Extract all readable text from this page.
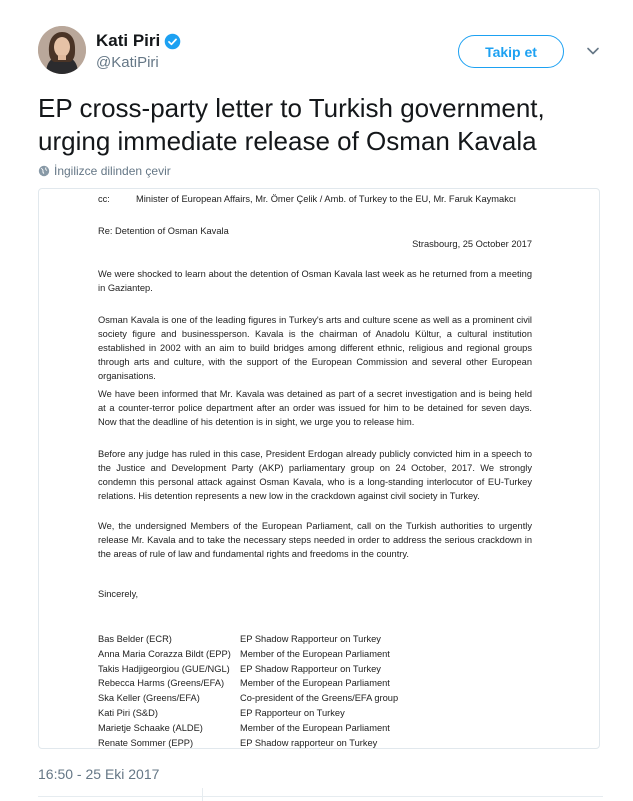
Kati Piri
@KatiPiri
Takip et
EP cross-party letter to Turkish government, urging immediate release of Osman Kavala
İngilizce dilinden çevir
cc:	Minister of European Affairs, Mr. Ömer Çelik / Amb. of Turkey to the EU, Mr. Faruk Kaymakcı
Re: Detention of Osman Kavala
Strasbourg, 25 October 2017
We were shocked to learn about the detention of Osman Kavala last week as he returned from a meeting in Gaziantep.
Osman Kavala is one of the leading figures in Turkey's arts and culture scene as well as a prominent civil society figure and businessperson. Kavala is the chairman of Anadolu Kültur, a cultural institution established in 2002 with an aim to build bridges among different ethnic, religious and regional groups through arts and culture, with the support of the European Commission and several other European organisations.
We have been informed that Mr. Kavala was detained as part of a secret investigation and is being held at a counter-terror police department after an order was issued for him to be detained for seven days. Now that the deadline of his detention is in sight, we urge you to release him.
Before any judge has ruled in this case, President Erdogan already publicly convicted him in a speech to the Justice and Development Party (AKP) parliamentary group on 24 October, 2017. We strongly condemn this personal attack against Osman Kavala, who is a long-standing interlocutor of EU-Turkey relations. His detention represents a new low in the crackdown against civil society in Turkey.
We, the undersigned Members of the European Parliament, call on the Turkish authorities to urgently release Mr. Kavala and to take the necessary steps needed in order to address the serious crackdown in the areas of rule of law and fundamental rights and freedoms in the country.
Sincerely,
Bas Belder (ECR)	EP Shadow Rapporteur on Turkey
Anna Maria Corazza Bildt (EPP) Member of the European Parliament
Takis Hadjigeorgiou (GUE/NGL)	EP Shadow Rapporteur on Turkey
Rebecca Harms (Greens/EFA)	Member of the European Parliament
Ska Keller (Greens/EFA)	Co-president of the Greens/EFA group
Kati Piri (S&D)	EP Rapporteur on Turkey
Marietje Schaake (ALDE)	Member of the European Parliament
Renate Sommer (EPP)	EP Shadow rapporteur on Turkey
16:50 - 25 Eki 2017
